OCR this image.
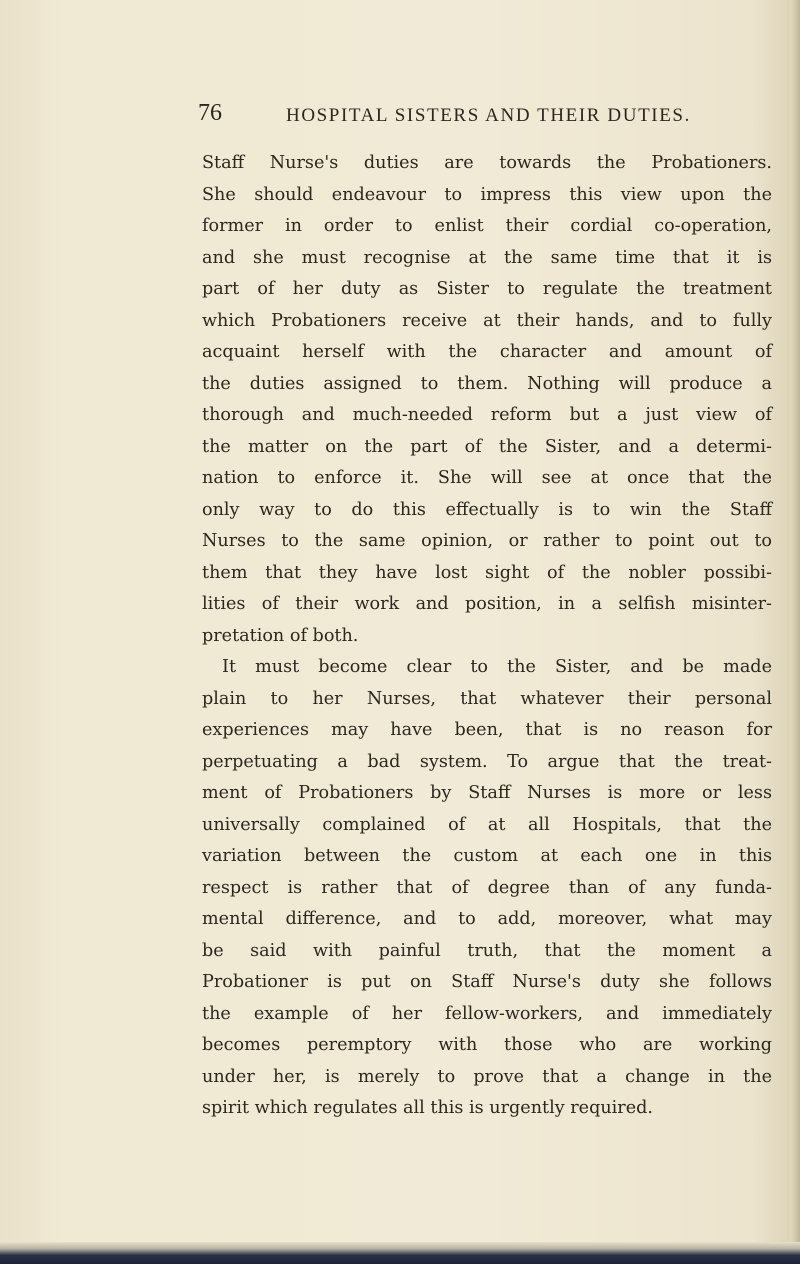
76	HOSPITAL SISTERS AND THEIR DUTIES.
Staff Nurse's duties are towards the Probationers.
She should endeavour to impress this view upon the
former in order to enlist their cordial co-operation,
and she must recognise at the same time that it is
part of her duty as Sister to regulate the treatment
which Probationers receive at their hands, and to fully
acquaint herself with the character and amount of
the duties assigned to them. Nothing will produce a
thorough and much-needed reform but a just view of
the matter on the part of the Sister, and a determi-
nation to enforce it. She will see at once that the
only way to do this effectually is to win the Staff
Nurses to the same opinion, or rather to point out to
them that they have lost sight of the nobler possibi-
lities of their work and position, in a selfish misinter-
pretation of both.
It must become clear to the Sister, and be made
plain to her Nurses, that whatever their personal
experiences may have been, that is no reason for
perpetuating a bad system. To argue that the treat-
ment of Probationers by Staff Nurses is more or less
universally complained of at all Hospitals, that the
variation between the custom at each one in this
respect is rather that of degree than of any funda-
mental difference, and to add, moreover, what may
be said with painful truth, that the moment a
Probationer is put on Staff Nurse's duty she follows
the example of her fellow-workers, and immediately
becomes peremptory with those who are working
under her, is merely to prove that a change in the
spirit which regulates all this is urgently required.
